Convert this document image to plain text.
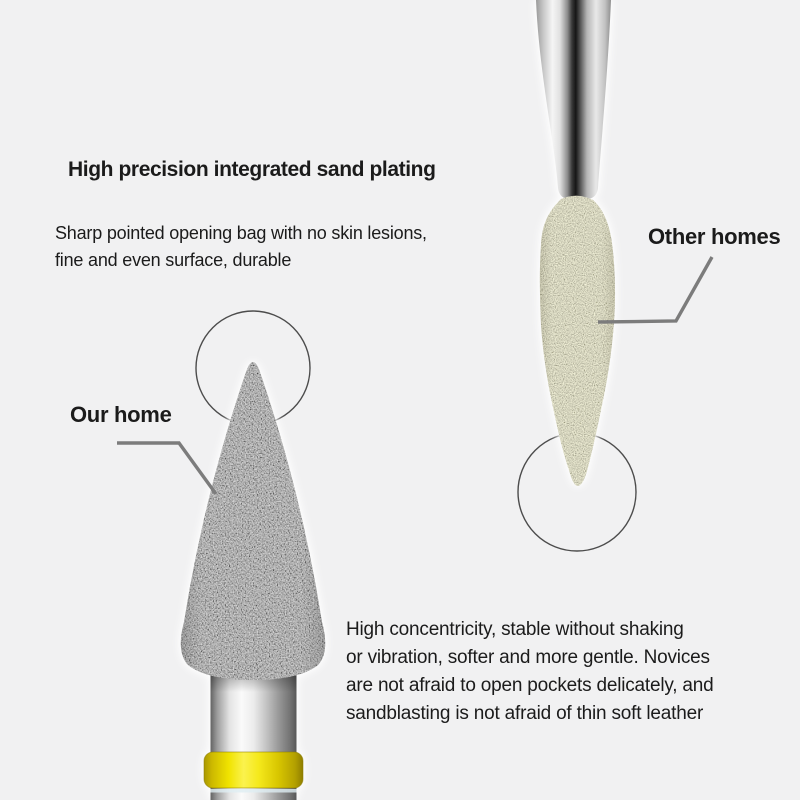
High precision integrated sand plating
Sharp pointed opening bag with no skin lesions,
fine and even surface, durable
Other homes
Our home
High concentricity, stable without shaking
or vibration, softer and more gentle. Novices
are not afraid to open pockets delicately, and
sandblasting is not afraid of thin soft leather
